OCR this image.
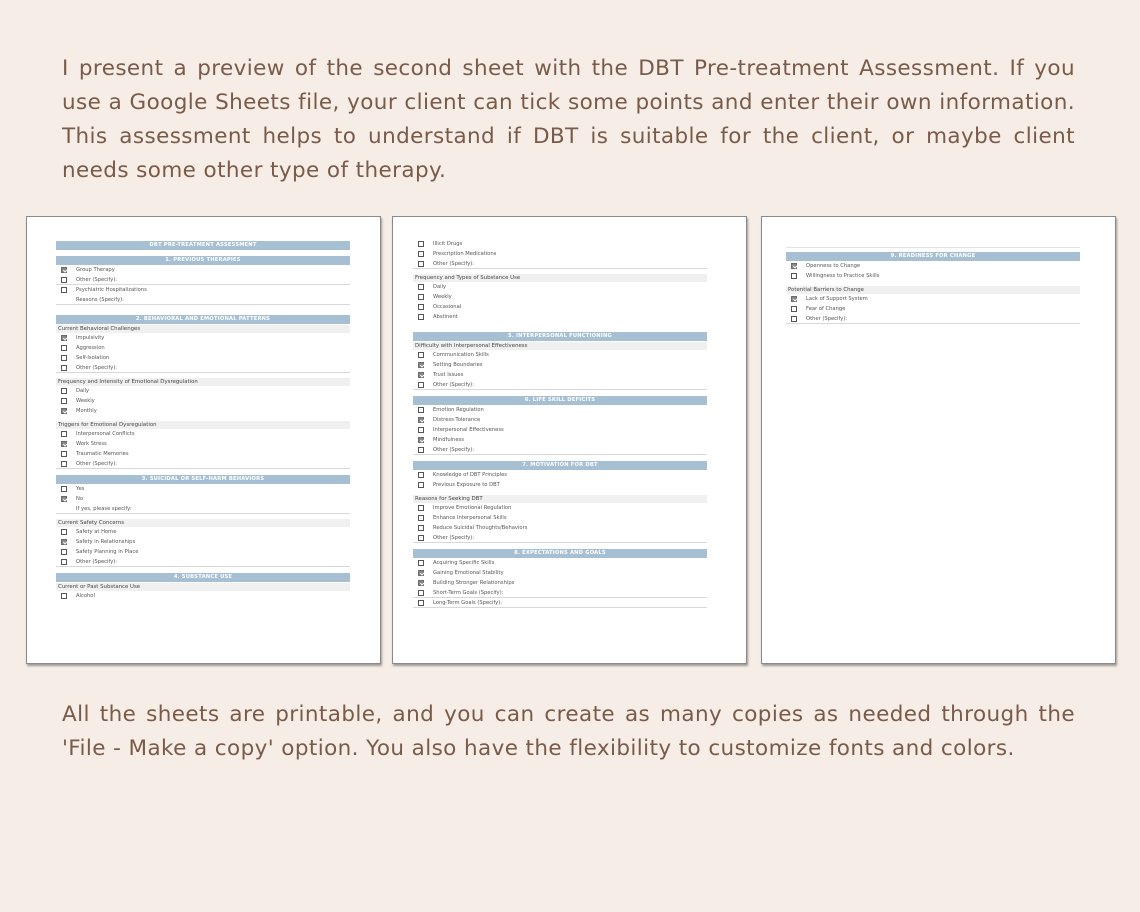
I present a preview of the second sheet with the DBT Pre-treatment Assessment. If you use a Google Sheets file, your client can tick some points and enter their own information. This assessment helps to understand if DBT is suitable for the client, or maybe client needs some other type of therapy.

DBT PRE-TREATMENT ASSESSMENT
1. PREVIOUS THERAPIES
Group Therapy
Other (Specify):
Psychiatric Hospitalizations
Reasons (Specify):
2. BEHAVIORAL AND EMOTIONAL PATTERNS
Current Behavioral Challenges
Impulsivity
Aggression
Self-Isolation
Other (Specify):
Frequency and Intensity of Emotional Dysregulation
Daily
Weekly
Monthly
Triggers for Emotional Dysregulation
Interpersonal Conflicts
Work Stress
Traumatic Memories
Other (Specify):
3. SUICIDAL OR SELF-HARM BEHAVIORS
Yes
No
If yes, please specify:
Current Safety Concerns
Safety at Home
Safety in Relationships
Safety Planning in Place
Other (Specify):
4. SUBSTANCE USE
Current or Past Substance Use
Alcohol
Illicit Drugs
Prescription Medications
Other (Specify):
Frequency and Types of Substance Use
Daily
Weekly
Occasional
Abstinent
5. INTERPERSONAL FUNCTIONING
Difficulty with Interpersonal Effectiveness
Communication Skills
Setting Boundaries
Trust Issues
Other (Specify):
6. LIFE SKILL DEFICITS
Emotion Regulation
Distress Tolerance
Interpersonal Effectiveness
Mindfulness
Other (Specify):
7. MOTIVATION FOR DBT
Knowledge of DBT Principles
Previous Exposure to DBT
Reasons for Seeking DBT
Improve Emotional Regulation
Enhance Interpersonal Skills
Reduce Suicidal Thoughts/Behaviors
Other (Specify):
8. EXPECTATIONS AND GOALS
Acquiring Specific Skills
Gaining Emotional Stability
Building Stronger Relationships
Short-Term Goals (Specify):
Long-Term Goals (Specify):
9. READINESS FOR CHANGE
Openness to Change
Willingness to Practice Skills
Potential Barriers to Change
Lack of Support System
Fear of Change
Other (Specify):

All the sheets are printable, and you can create as many copies as needed through the 'File - Make a copy' option. You also have the flexibility to customize fonts and colors.
